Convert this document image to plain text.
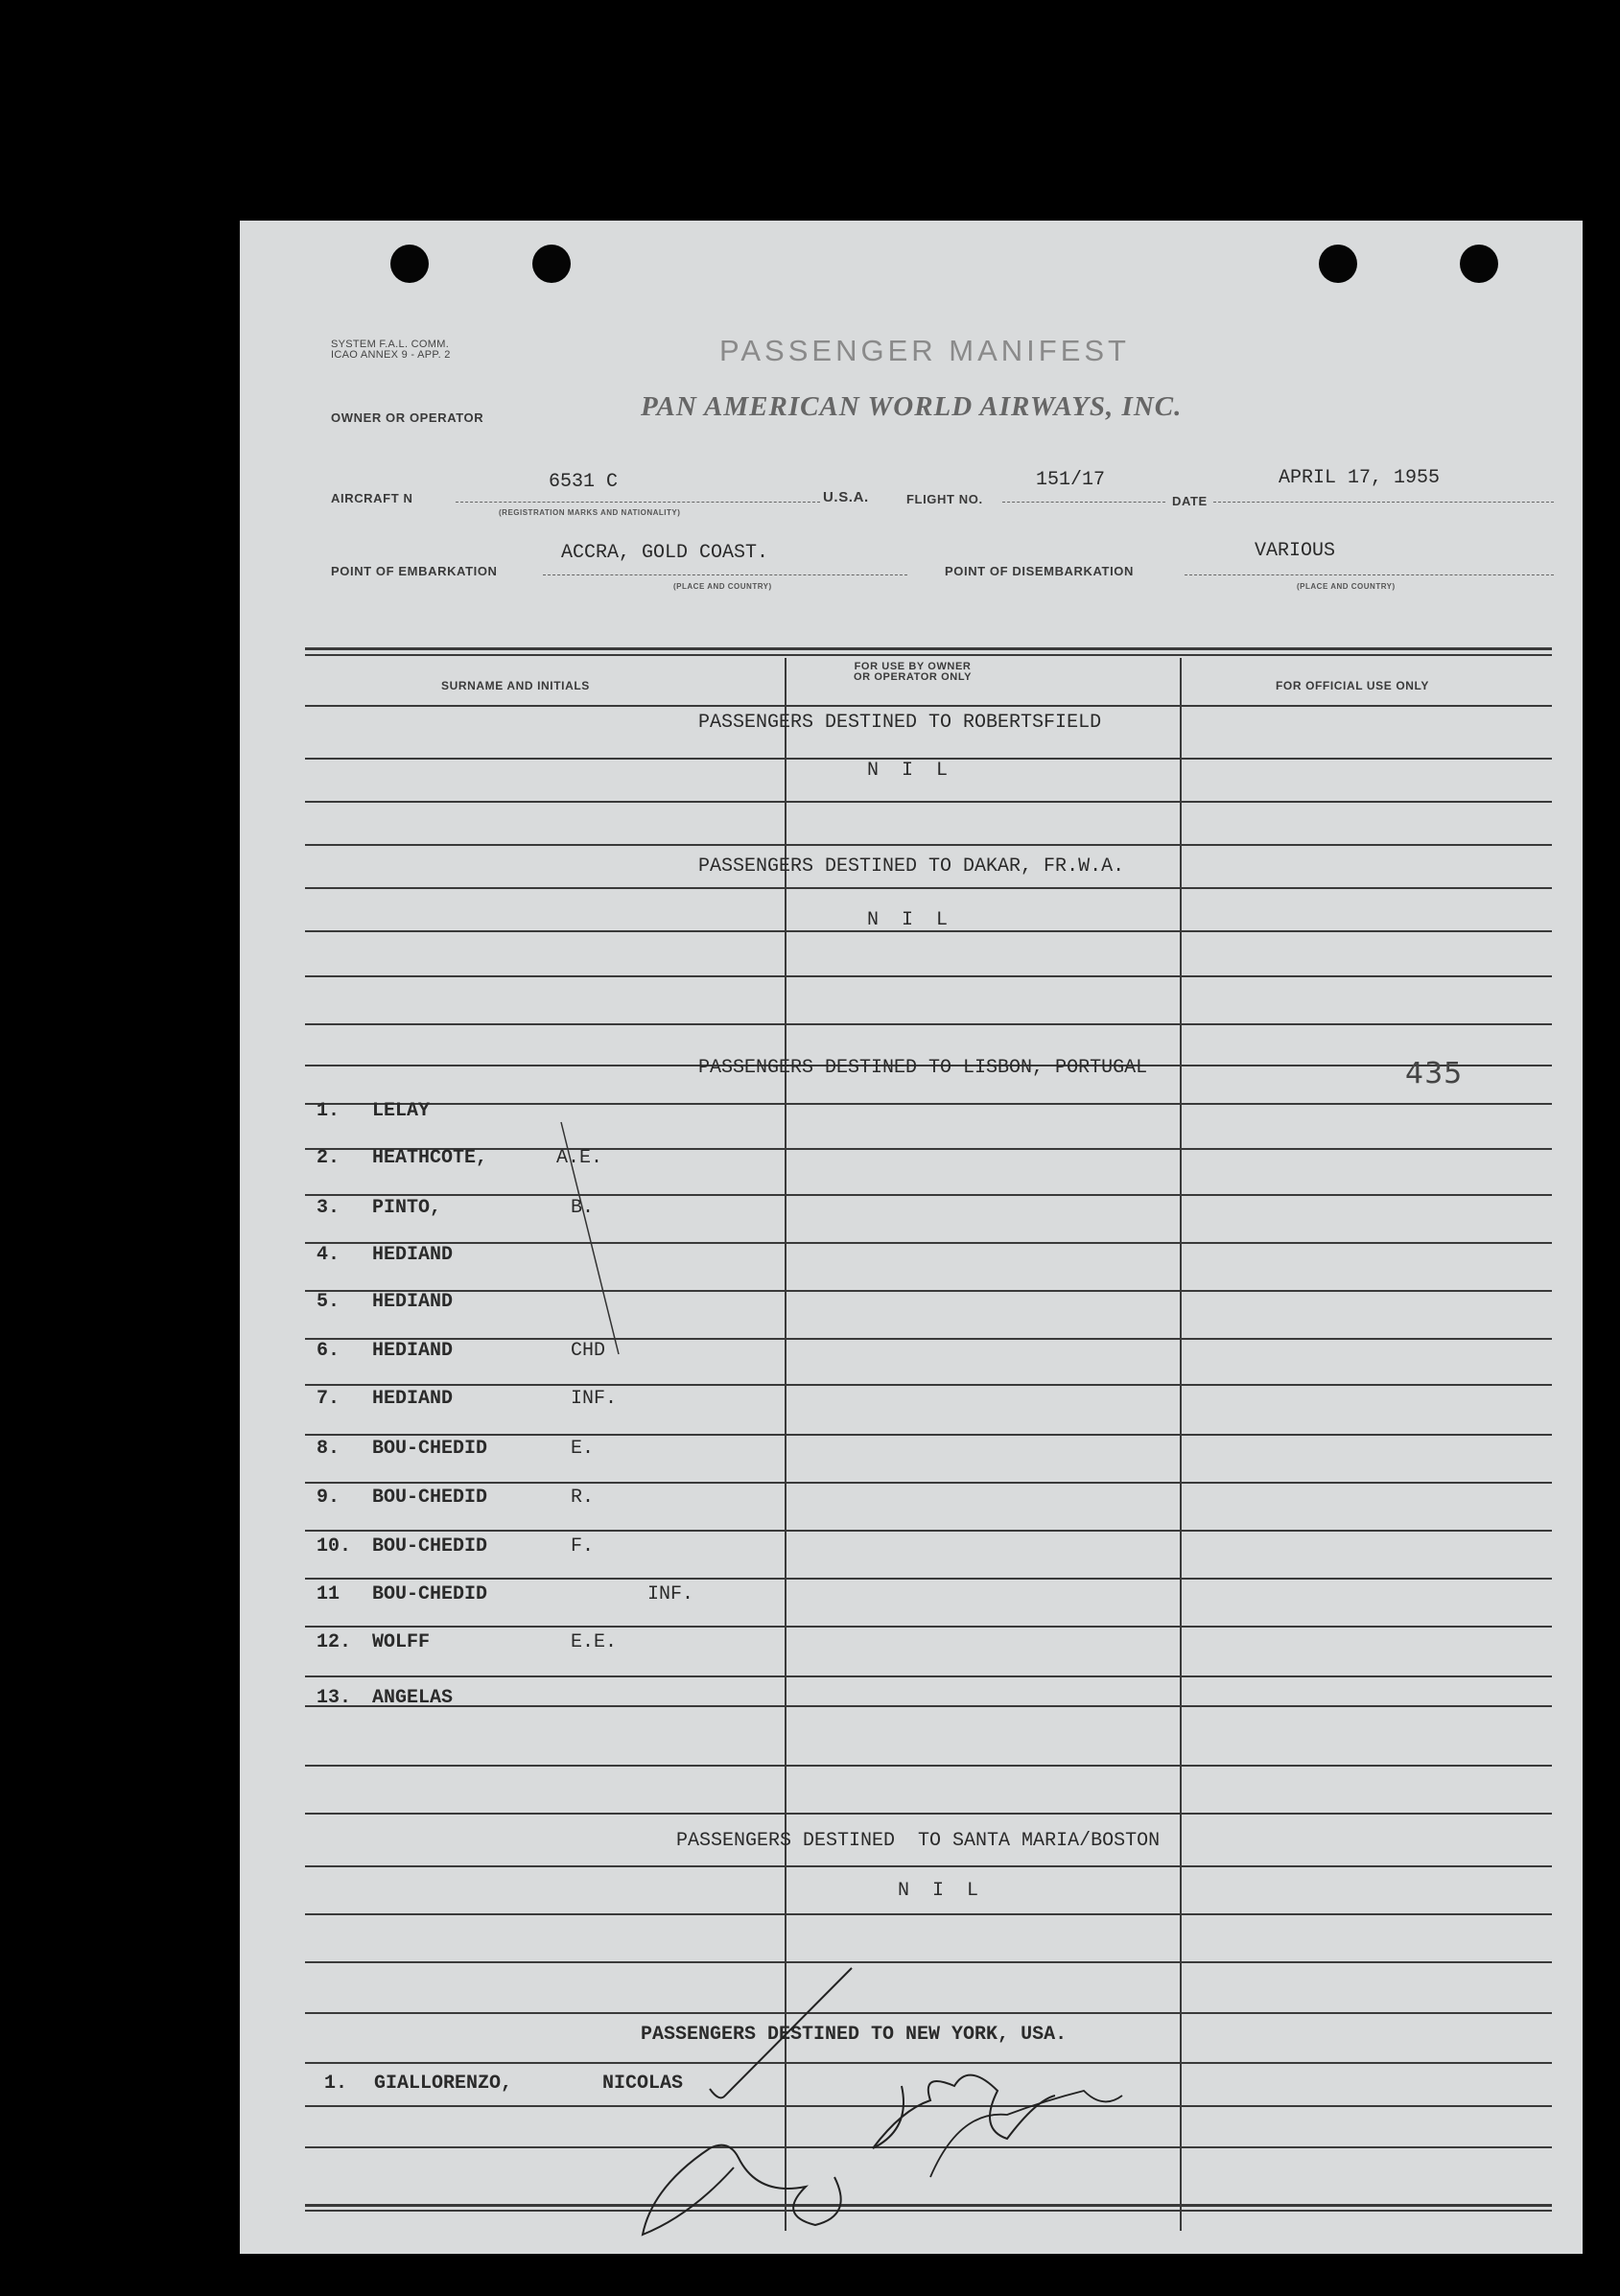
SYSTEM F.A.L. COMM.
ICAO ANNEX 9 - APP. 2	PASSENGER MANIFEST
OWNER OR OPERATOR	PAN AMERICAN WORLD AIRWAYS, INC.
AIRCRAFT N
6531 C
(REGISTRATION MARKS AND NATIONALITY)
U.S.A.	FLIGHT NO.
151/17
DATE
APRIL 17, 1955
POINT OF EMBARKATION
ACCRA, GOLD COAST.
(PLACE AND COUNTRY)
POINT OF DISEMBARKATION
VARIOUS
(PLACE AND COUNTRY)
SURNAME AND INITIALS
FOR USE BY OWNER
OR OPERATOR ONLY
FOR OFFICIAL USE ONLY
PASSENGERS DESTINED TO ROBERTSFIELD
NIL
PASSENGERS DESTINED TO DAKAR, FR.W.A.
NIL
PASSENGERS DESTINED TO LISBON, PORTUGAL	435
1. LELAY
2. HEATHCOTE,	A.E.
3. PINTO,	B.
4. HEDIAND
5. HEDIAND
6. HEDIAND	CHD
7. HEDIAND	INF.
8. BOU-CHEDID	E.
9. BOU-CHEDID	R.
10. BOU-CHEDID	F.
11 BOU-CHEDID	INF.
12. WOLFF	E.E.
13. ANGELAS
PASSENGERS DESTINED  TO SANTA MARIA/BOSTON
NIL
PASSENGERS DESTINED TO NEW YORK, USA.
1. GIALLORENZO,	NICOLAS
